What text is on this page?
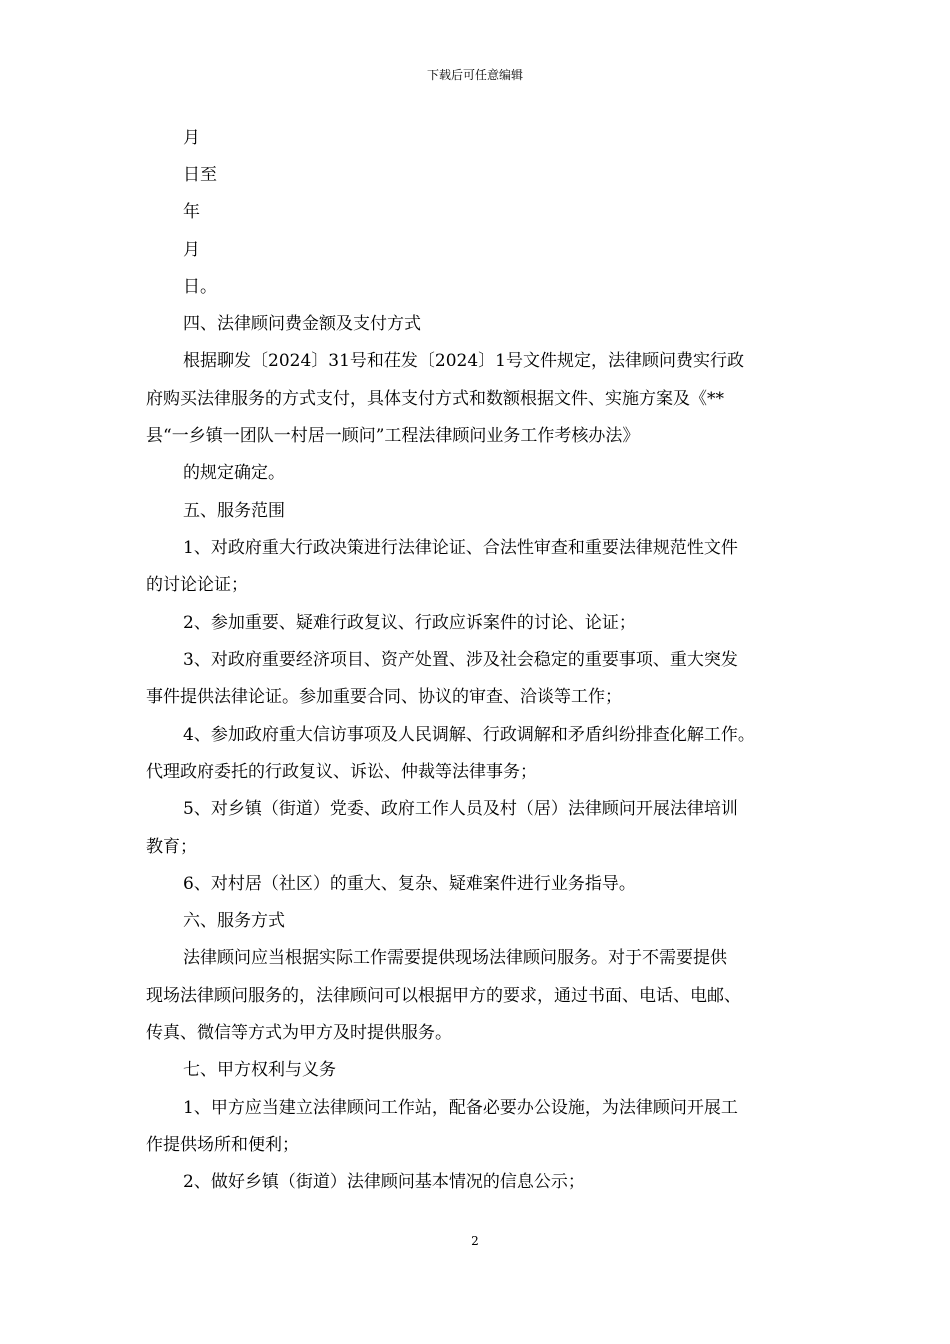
下载后可任意编辑
月
日至
年
月
日。
四、法律顾问费金额及支付方式
根据聊发〔2024〕31号和茌发〔2024〕1号文件规定，法律顾问费实行政
府购买法律服务的方式支付，具体支付方式和数额根据文件、实施方案及《**
县“一乡镇一团队一村居一顾问”工程法律顾问业务工作考核办法》
的规定确定。
五、服务范围
1、对政府重大行政决策进行法律论证、合法性审查和重要法律规范性文件
的讨论论证；
2、参加重要、疑难行政复议、行政应诉案件的讨论、论证；
3、对政府重要经济项目、资产处置、涉及社会稳定的重要事项、重大突发
事件提供法律论证。参加重要合同、协议的审查、洽谈等工作；
4、参加政府重大信访事项及人民调解、行政调解和矛盾纠纷排查化解工作。
代理政府委托的行政复议、诉讼、仲裁等法律事务；
5、对乡镇（街道）党委、政府工作人员及村（居）法律顾问开展法律培训
教育；
6、对村居（社区）的重大、复杂、疑难案件进行业务指导。
六、服务方式
法律顾问应当根据实际工作需要提供现场法律顾问服务。对于不需要提供
现场法律顾问服务的，法律顾问可以根据甲方的要求，通过书面、电话、电邮、
传真、微信等方式为甲方及时提供服务。
七、甲方权利与义务
1、甲方应当建立法律顾问工作站，配备必要办公设施，为法律顾问开展工
作提供场所和便利；
2、做好乡镇（街道）法律顾问基本情况的信息公示；
2
